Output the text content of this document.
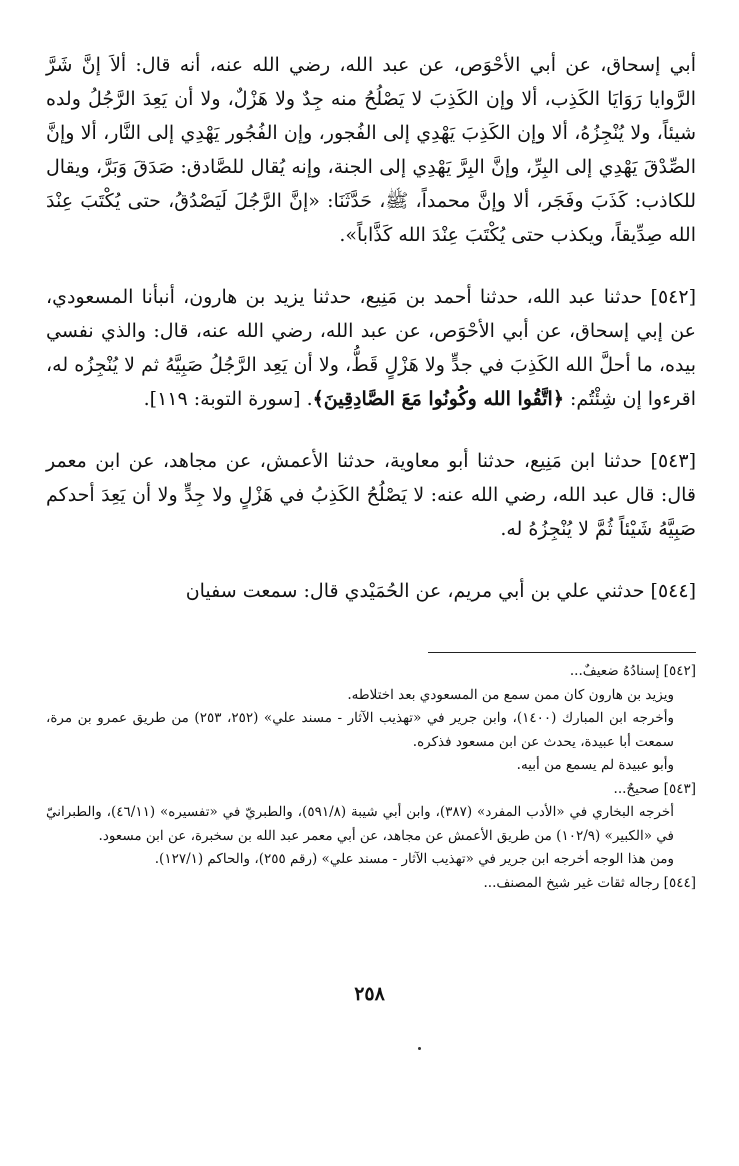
أبي إسحاق، عن أبي الأحْوَص، عن عبد الله، رضي الله عنه، أنه قال: ألاَ إنَّ شَرَّ الرَّوايا رَوَايَا الكَذِب، ألا وإن الكَذِبَ لا يَصْلُحُ منه جِدٌ ولا هَزْلٌ، ولا أن يَعِدَ الرَّجُلُ ولده شيئاً، ولا يُنْجِزُهُ، ألا وإن الكَذِبَ يَهْدِي إلى الفُجور، وإن الفُجُور يَهْدِي إلى النَّار، ألا وإنَّ الصِّدْقَ يَهْدِي إلى البِرِّ، وإنَّ البِرَّ يَهْدِي إلى الجنة، وإنه يُقال للصَّادق: صَدَقَ وَبَرَّ، ويقال للكاذب: كَذَبَ وفَجَر، ألا وإنَّ محمداً، ﷺ، حَدَّثَنَا: «إنَّ الرَّجُلَ لَيَصْدُقُ، حتى يُكْتَبَ عِنْدَ الله صِدِّيقاً، ويكذب حتى يُكْتَبَ عِنْدَ الله كَذَّاباً».

[٥٤٢] حدثنا عبد الله، حدثنا أحمد بن مَنِيع، حدثنا يزيد بن هارون، أنبأنا المسعودي، عن إبي إسحاق، عن أبي الأحْوَص، عن عبد الله، رضي الله عنه، قال: والذي نفسي بيده، ما أحلَّ الله الكَذِبَ في جدٍّ ولا هَزْلٍ قَطُّ، ولا أن يَعِد الرَّجُلُ صَبِيَّهُ ثم لا يُنْجِزُه له، اقرءوا إن شِئْتُم: ﴿اتَّقُوا الله وكُونُوا مَعَ الصَّادِقِينَ﴾. [سورة التوبة: ١١٩].

[٥٤٣] حدثنا ابن مَنِيع، حدثنا أبو معاوية، حدثنا الأعمش، عن مجاهد، عن ابن معمر قال: قال عبد الله، رضي الله عنه: لا يَصْلُحُ الكَذِبُ في هَزْلٍ ولا جِدٍّ ولا أن يَعِدَ أحدكم صَبِيَّهُ شَيْئاً ثُمَّ لا يُنْجِزُهُ له.

[٥٤٤] حدثني علي بن أبي مريم، عن الحُمَيْدي قال: سمعت سفيان

[٥٤٢] إسنادُهُ ضعيفٌ...

ويزيد بن هارون كان ممن سمع من المسعودي بعد اختلاطه.

وأخرجه ابن المبارك (١٤٠٠)، وابن جرير في «تهذيب الآثار - مسند علي» (٢٥٢، ٢٥٣) من طريق عمرو بن مرة، سمعت أبا عبيدة، يحدث عن ابن مسعود فذكره.

وأبو عبيدة لم يسمع من أبيه.

[٥٤٣] صحيحٌ...

أخرجه البخاري في «الأدب المفرد» (٣٨٧)، وابن أبي شيبة (٥٩١/٨)، والطبريّ في «تفسيره» (٤٦/١١)، والطبرانيّ في «الكبير» (١٠٢/٩) من طريق الأعمش عن مجاهد، عن أبي معمر عبد الله بن سخبرة، عن ابن مسعود.

ومن هذا الوجه أخرجه ابن جرير في «تهذيب الآثار - مسند علي» (رقم ٢٥٥)، والحاكم (١٢٧/١).

[٥٤٤] رجاله ثقات غير شيخ المصنف...

٢٥٨
